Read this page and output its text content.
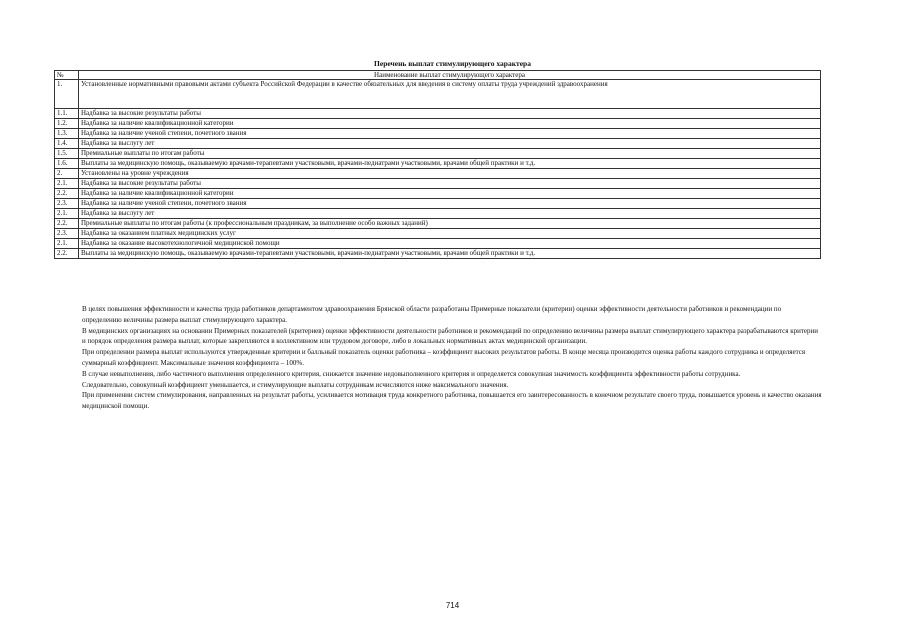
Перечень выплат стимулирующего характера
№	Наименование выплат стимулирующего характера
1.	Установленные нормативными правовыми актами субъекта Российской Федерации в качестве обязательных для введения в систему оплаты труда учреждений здравоохранения
1.1.	Надбавка за высокие результаты работы
1.2.	Надбавка за наличие квалификационной категории
1.3.	Надбавка за наличие ученой степени, почетного звания
1.4.	Надбавка за выслугу лет
1.5.	Премиальные выплаты по итогам работы
1.6.	Выплаты за медицинскую помощь, оказываемую врачами-терапевтами участковыми, врачами-педиатрами участковыми, врачами общей практики и т.д.
2.	Установлены на уровне учреждения
2.1.	Надбавка за высокие результаты работы
2.2.	Надбавка за наличие квалификационной категории
2.3.	Надбавка за наличие ученой степени, почетного звания
2.1.	Надбавка за выслугу лет
2.2.	Премиальные выплаты по итогам работы (к профессиональным праздникам, за выполнение особо важных заданий)
2.3.	Надбавка за оказанием платных медицинских услуг
2.1.	Надбавка за оказание высокотехнологичной медицинской помощи
2.2.	Выплаты за медицинскую помощь, оказываемую врачами-терапевтами участковыми, врачами-педиатрами участковыми, врачами общей практики и т.д.

В целях повышения эффективности и качества труда работников департаментом здравоохранения Брянской области разработаны Примерные показатели (критерии) оценки эффективности деятельности работников и рекомендации по определению величины размера выплат стимулирующего характера.

В медицинских организациях на основании Примерных показателей (критериев) оценки эффективности деятельности работников и рекомендаций по определению величины размера выплат стимулирующего характера разрабатываются критерии и порядок определения размера выплат, которые закрепляются в коллективном или трудовом договоре, либо в локальных нормативных актах медицинской организации.

При определении размера выплат используются утвержденные критерии и балльный показатель оценки работника – коэффициент высоких результатов работы. В конце месяца производится оценка работы каждого сотрудника и определяется суммарный коэффициент. Максимальные значения коэффициента – 100%.

В случае невыполнения, либо частичного выполнения определенного критерия, снижается значение недовыполненного критерия и определяется совокупная значимость коэффициента эффективности работы сотрудника.

Следовательно, совокупный коэффициент уменьшается, и стимулирующие выплаты сотрудникам исчисляются ниже максимального значения.

При применении систем стимулирования, направленных на результат работы, усиливается мотивация труда конкретного работника, повышается его заинтересованность в конечном результате своего труда, повышается уровень и качество оказания медицинской помощи.

714
